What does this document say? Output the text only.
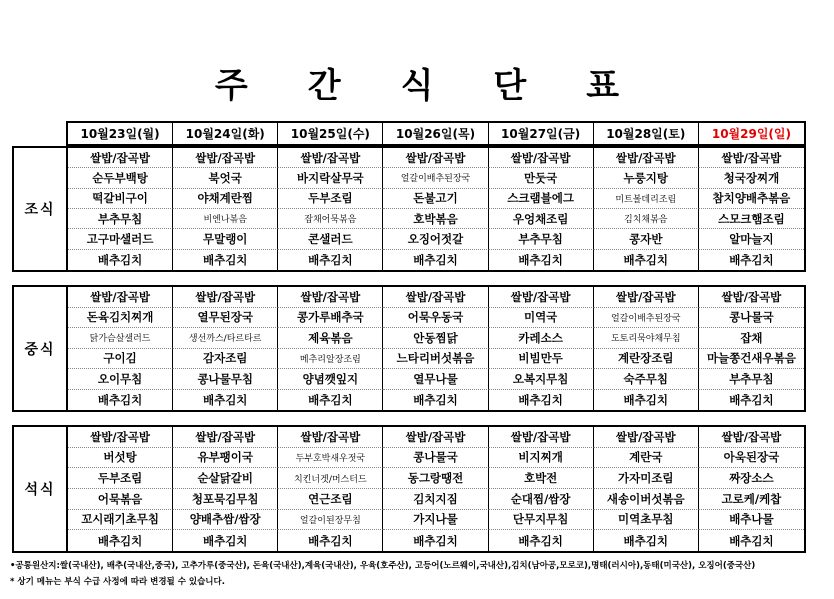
주간식단표
10월23일(월)	10월24일(화)	10월25일(수)	10월26일(목)	10월27일(금)	10월28일(토)	10월29일(일)
조식
쌀밥/잡곡밥	쌀밥/잡곡밥	쌀밥/잡곡밥	쌀밥/잡곡밥	쌀밥/잡곡밥	쌀밥/잡곡밥	쌀밥/잡곡밥
순두부백탕	북엇국	바지락살무국	얼갈이배추된장국	만둣국	누룽지탕	청국장찌개
떡갈비구이	야채계란찜	두부조림	돈불고기	스크램블에그	미트볼데리조림	참치양배추볶음
부추무침	비엔나볶음	잡채어묵볶음	호박볶음	우엉채조림	김치채볶음	스모크햄조림
고구마샐러드	무말랭이	콘샐러드	오징어젓갈	부추무침	콩자반	알마늘지
배추김치	배추김치	배추김치	배추김치	배추김치	배추김치	배추김치
중식
쌀밥/잡곡밥	쌀밥/잡곡밥	쌀밥/잡곡밥	쌀밥/잡곡밥	쌀밥/잡곡밥	쌀밥/잡곡밥	쌀밥/잡곡밥
돈육김치찌개	열무된장국	콩가루배추국	어묵우동국	미역국	얼갈이배추된장국	콩나물국
닭가슴살샐러드	생선까스/타르타르	제육볶음	안동찜닭	카레소스	도토리묵야채무침	잡채
구이김	감자조림	메추리알장조림	느타리버섯볶음	비빔만두	계란장조림	마늘쫑건새우볶음
오이무침	콩나물무침	양념깻잎지	열무나물	오복지무침	숙주무침	부추무침
배추김치	배추김치	배추김치	배추김치	배추김치	배추김치	배추김치
석식
쌀밥/잡곡밥	쌀밥/잡곡밥	쌀밥/잡곡밥	쌀밥/잡곡밥	쌀밥/잡곡밥	쌀밥/잡곡밥	쌀밥/잡곡밥
버섯탕	유부팽이국	두부호박새우젓국	콩나물국	비지찌개	계란국	아욱된장국
두부조림	순살닭갈비	치킨너겟/머스터드	동그랑땡전	호박전	가자미조림	짜장소스
어묵볶음	청포묵김무침	연근조림	김치지짐	순대찜/쌈장	새송이버섯볶음	고로케/케찹
꼬시래기초무침	양배추쌈/쌈장	얼갈이된장무침	가지나물	단무지무침	미역초무침	배추나물
배추김치	배추김치	배추김치	배추김치	배추김치	배추김치	배추김치
•공통원산지:쌀(국내산), 배추(국내산,중국), 고추가루(중국산), 돈육(국내산),계육(국내산), 우육(호주산), 고등어(노르웨이,국내산),김치(남아공,모로코),명태(러시아),동태(미국산), 오징어(중국산)
* 상기 메뉴는 부식 수급 사정에 따라 변경될 수 있습니다.
